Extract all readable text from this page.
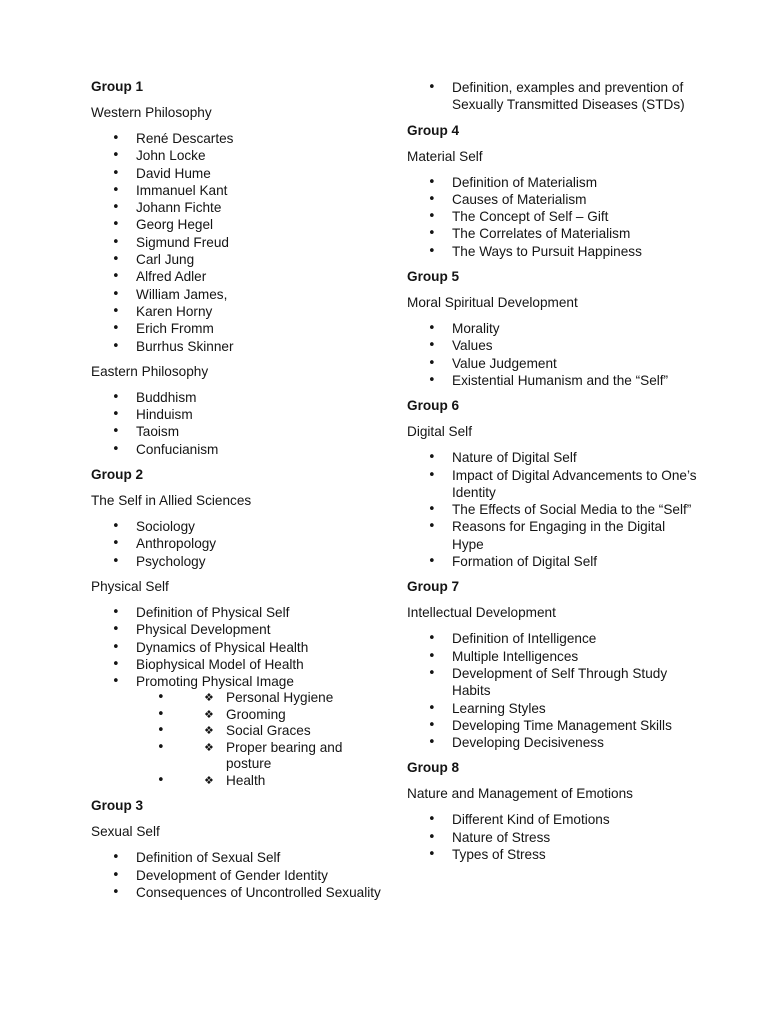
Group 1
Western Philosophy
• René Descartes
• John Locke
• David Hume
• Immanuel Kant
• Johann Fichte
• Georg Hegel
• Sigmund Freud
• Carl Jung
• Alfred Adler
• William James,
• Karen Horny
• Erich Fromm
• Burrhus Skinner
Eastern Philosophy
• Buddhism
• Hinduism
• Taoism
• Confucianism
Group 2
The Self in Allied Sciences
• Sociology
• Anthropology
• Psychology
Physical Self
• Definition of Physical Self
• Physical Development
• Dynamics of Physical Health
• Biophysical Model of Health
• Promoting Physical Image
• ❖ Personal Hygiene
• ❖ Grooming
• ❖ Social Graces
• ❖ Proper bearing and posture
• ❖ Health
Group 3
Sexual Self
• Definition of Sexual Self
• Development of Gender Identity
• Consequences of Uncontrolled Sexuality
• Definition, examples and prevention of Sexually Transmitted Diseases (STDs)
Group 4
Material Self
• Definition of Materialism
• Causes of Materialism
• The Concept of Self – Gift
• The Correlates of Materialism
• The Ways to Pursuit Happiness
Group 5
Moral Spiritual Development
• Morality
• Values
• Value Judgement
• Existential Humanism and the “Self”
Group 6
Digital Self
• Nature of Digital Self
• Impact of Digital Advancements to One’s Identity
• The Effects of Social Media to the “Self”
• Reasons for Engaging in the Digital Hype
• Formation of Digital Self
Group 7
Intellectual Development
• Definition of Intelligence
• Multiple Intelligences
• Development of Self Through Study Habits
• Learning Styles
• Developing Time Management Skills
• Developing Decisiveness
Group 8
Nature and Management of Emotions
• Different Kind of Emotions
• Nature of Stress
• Types of Stress
